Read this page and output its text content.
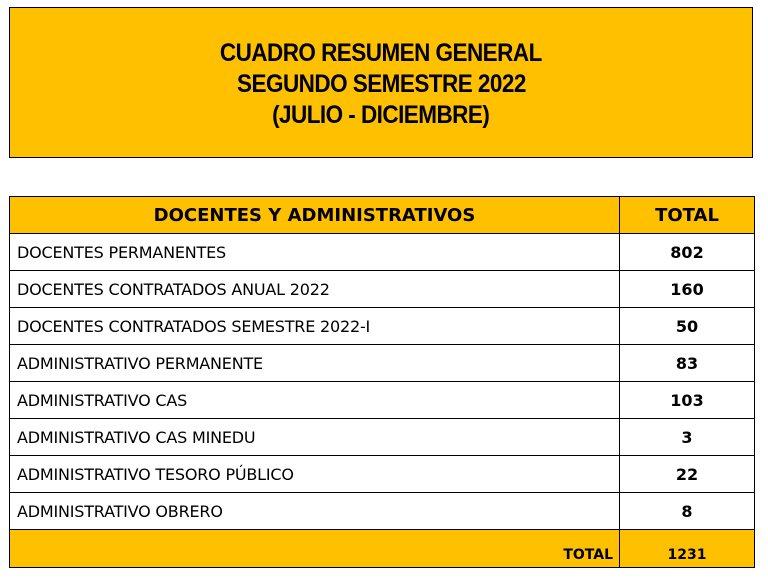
CUADRO RESUMEN GENERAL
SEGUNDO SEMESTRE 2022
(JULIO - DICIEMBRE)
DOCENTES Y ADMINISTRATIVOS	TOTAL
DOCENTES PERMANENTES	802
DOCENTES CONTRATADOS ANUAL 2022	160
DOCENTES CONTRATADOS SEMESTRE 2022-I	50
ADMINISTRATIVO PERMANENTE	83
ADMINISTRATIVO CAS	103
ADMINISTRATIVO CAS MINEDU	3
ADMINISTRATIVO TESORO PÚBLICO	22
ADMINISTRATIVO OBRERO	8
TOTAL	1231
